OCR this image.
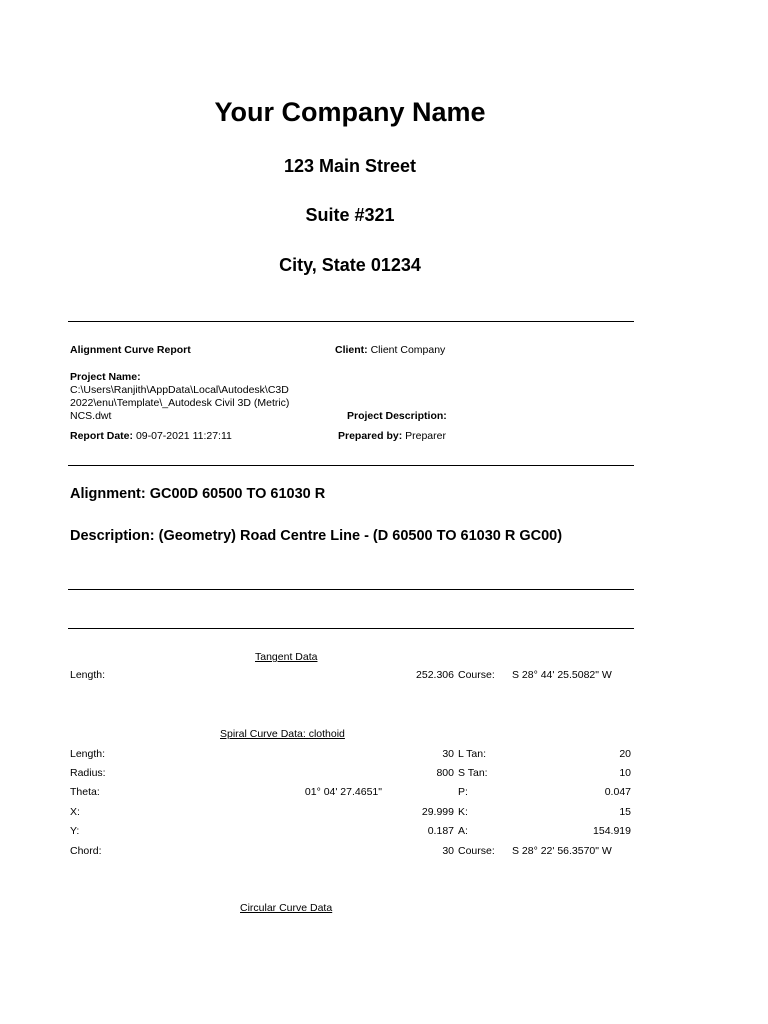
Your Company Name
123 Main Street
Suite #321
City, State 01234
Alignment Curve Report	Client: Client Company
Project Name:
C:\Users\Ranjith\AppData\Local\Autodesk\C3D
2022\enu\Template\_Autodesk Civil 3D (Metric)
NCS.dwt	Project Description:
Report Date: 09-07-2021 11:27:11	Prepared by: Preparer
Alignment: GC00D 60500 TO 61030 R
Description: (Geometry) Road Centre Line - (D 60500 TO 61030 R GC00)
Tangent Data
Length:	252.306 Course: S 28° 44' 25.5082" W
Spiral Curve Data: clothoid
Length:	30 L Tan:	20
Radius:	800 S Tan:	10
Theta:	01° 04' 27.4651"	P:	0.047
X:	29.999 K:	15
Y:	0.187 A:	154.919
Chord:	30 Course: S 28° 22' 56.3570" W
Circular Curve Data
